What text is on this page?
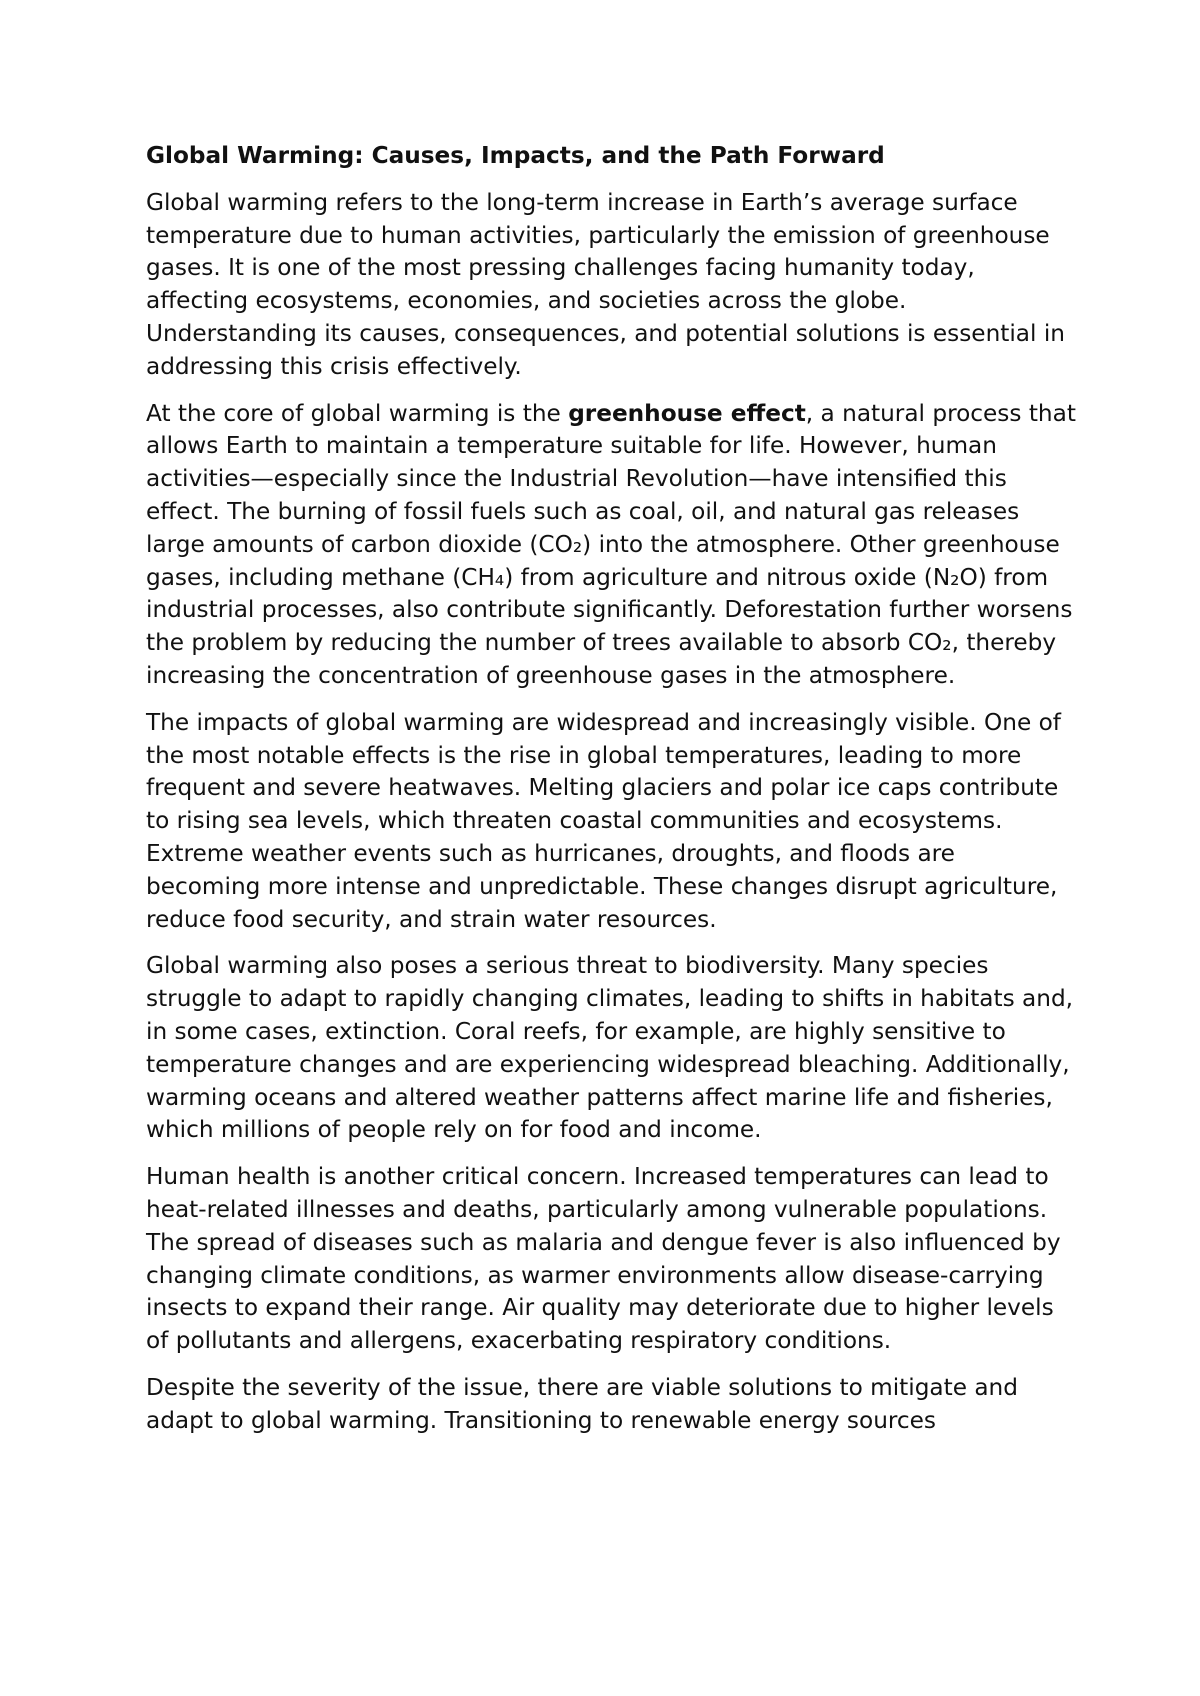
Global Warming: Causes, Impacts, and the Path Forward

Global warming refers to the long-term increase in Earth’s average surface temperature due to human activities, particularly the emission of greenhouse gases. It is one of the most pressing challenges facing humanity today, affecting ecosystems, economies, and societies across the globe. Understanding its causes, consequences, and potential solutions is essential in addressing this crisis effectively.

At the core of global warming is the greenhouse effect, a natural process that allows Earth to maintain a temperature suitable for life. However, human activities—especially since the Industrial Revolution—have intensified this effect. The burning of fossil fuels such as coal, oil, and natural gas releases large amounts of carbon dioxide (CO₂) into the atmosphere. Other greenhouse gases, including methane (CH₄) from agriculture and nitrous oxide (N₂O) from industrial processes, also contribute significantly. Deforestation further worsens the problem by reducing the number of trees available to absorb CO₂, thereby increasing the concentration of greenhouse gases in the atmosphere.

The impacts of global warming are widespread and increasingly visible. One of the most notable effects is the rise in global temperatures, leading to more frequent and severe heatwaves. Melting glaciers and polar ice caps contribute to rising sea levels, which threaten coastal communities and ecosystems. Extreme weather events such as hurricanes, droughts, and floods are becoming more intense and unpredictable. These changes disrupt agriculture, reduce food security, and strain water resources.

Global warming also poses a serious threat to biodiversity. Many species struggle to adapt to rapidly changing climates, leading to shifts in habitats and, in some cases, extinction. Coral reefs, for example, are highly sensitive to temperature changes and are experiencing widespread bleaching. Additionally, warming oceans and altered weather patterns affect marine life and fisheries, which millions of people rely on for food and income.

Human health is another critical concern. Increased temperatures can lead to heat-related illnesses and deaths, particularly among vulnerable populations. The spread of diseases such as malaria and dengue fever is also influenced by changing climate conditions, as warmer environments allow disease-carrying insects to expand their range. Air quality may deteriorate due to higher levels of pollutants and allergens, exacerbating respiratory conditions.

Despite the severity of the issue, there are viable solutions to mitigate and adapt to global warming. Transitioning to renewable energy sources
